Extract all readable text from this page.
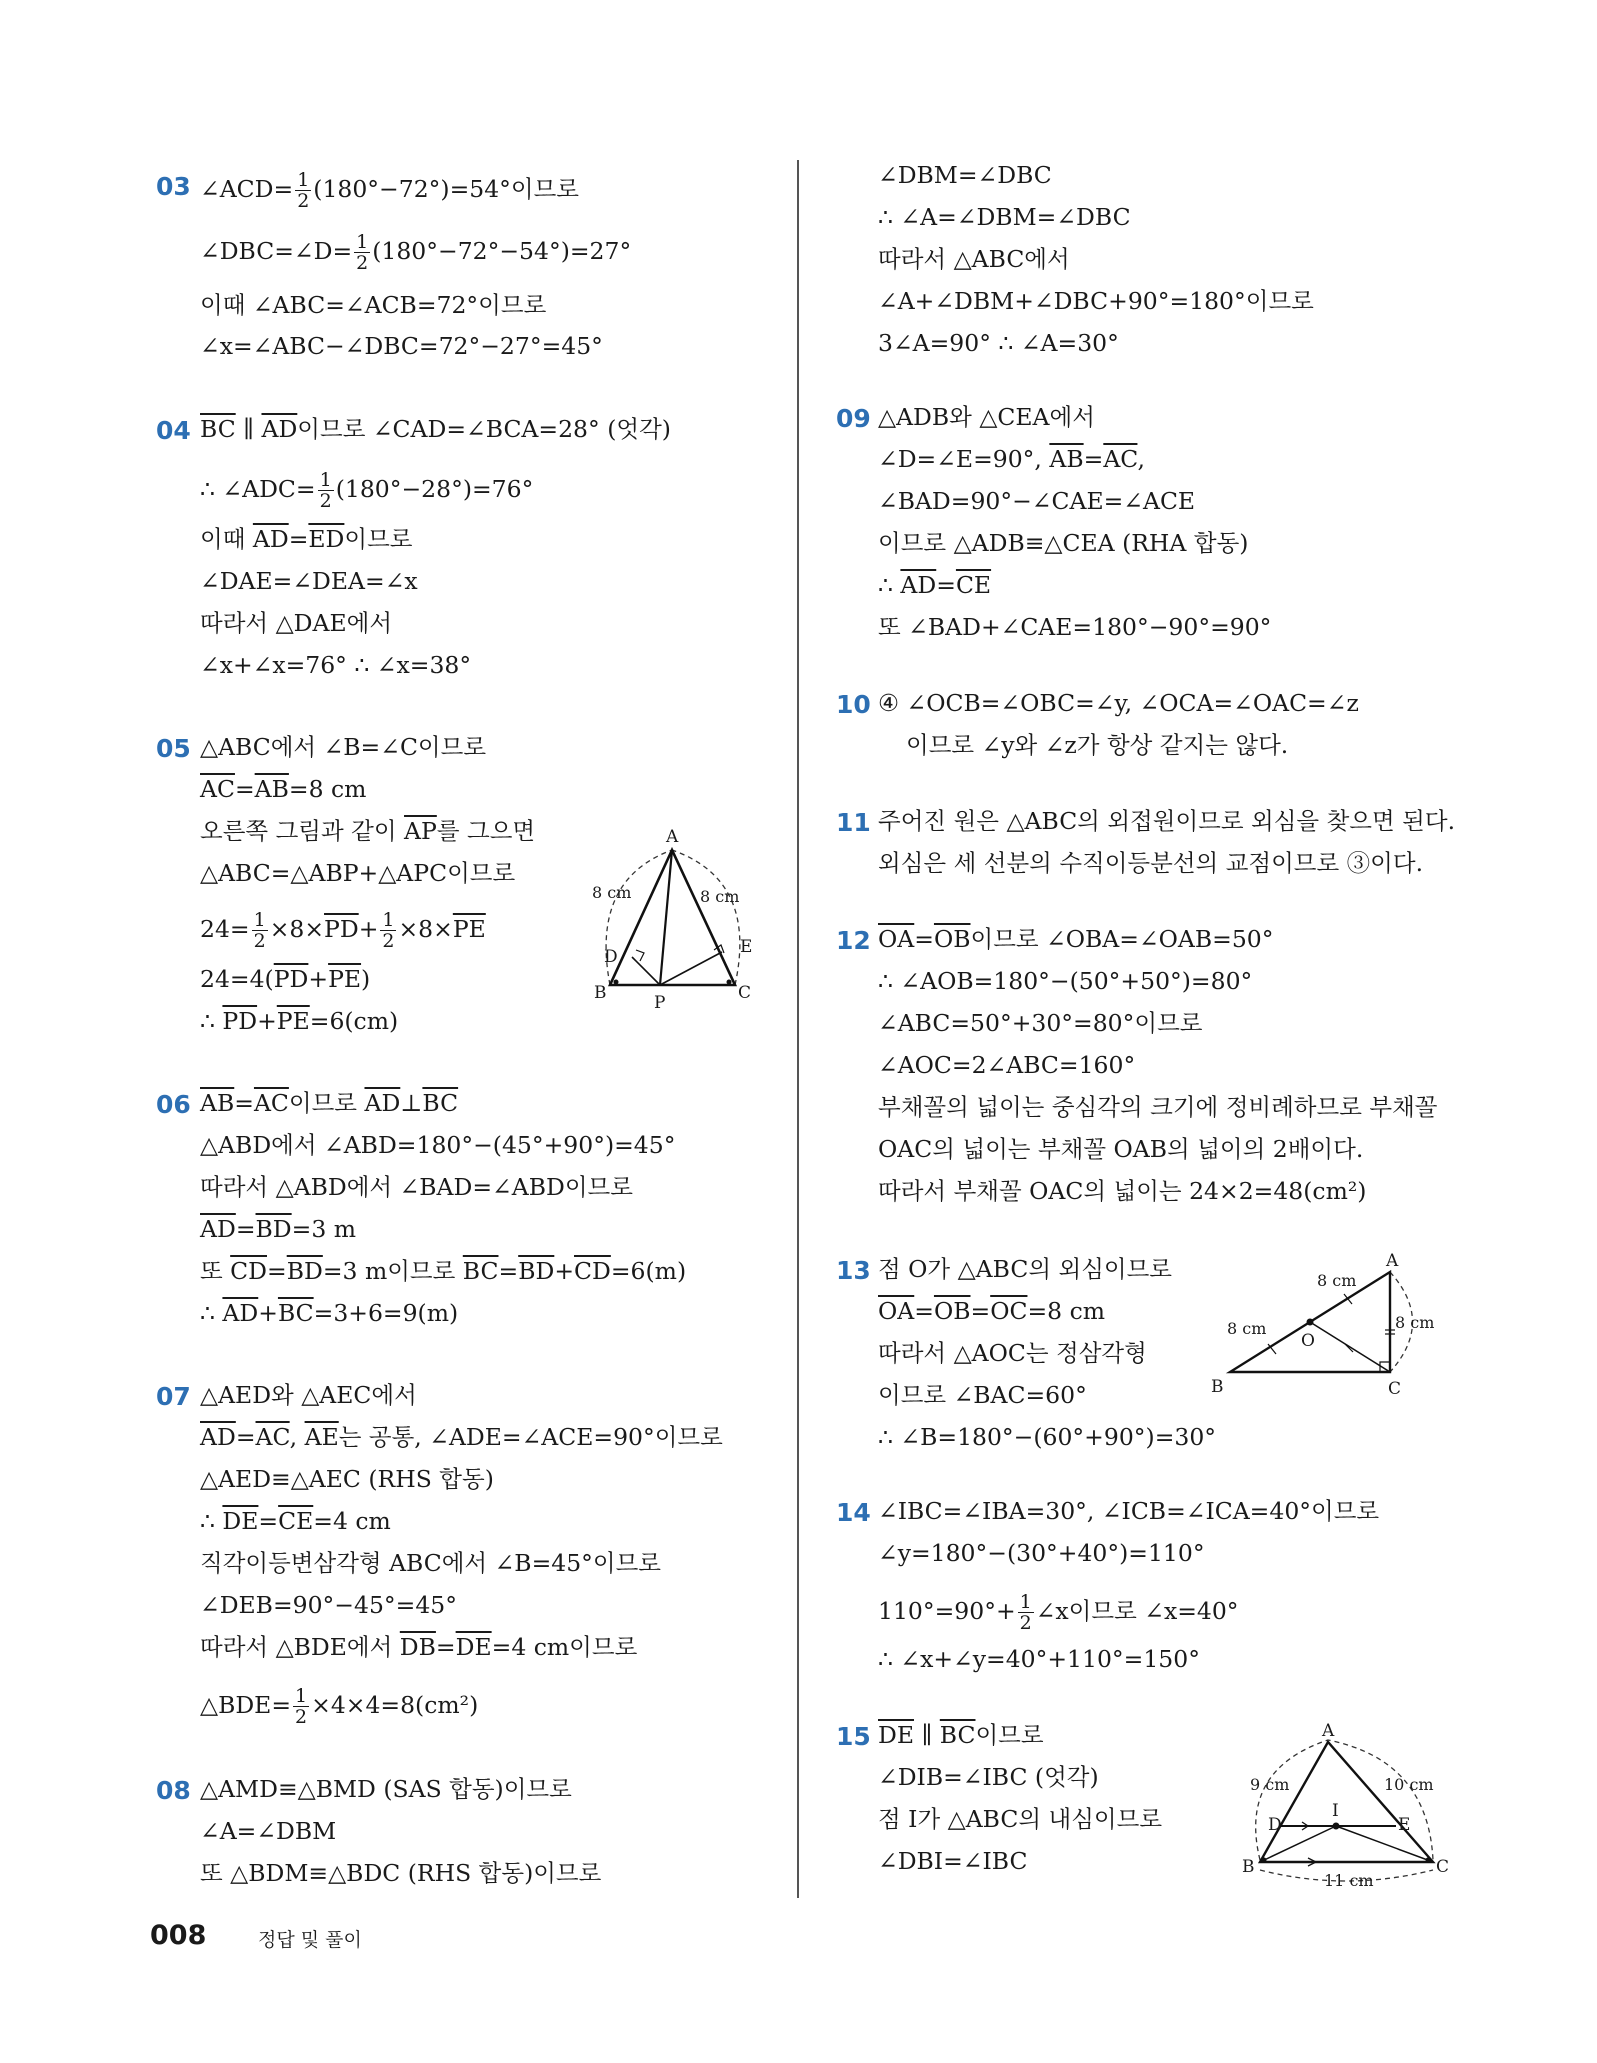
03 ∠ACD= $\frac{1}{2} (180^\circ-72^\circ)=54^\circ$이므로
∠DBC=∠D= $\frac{1}{2} (180^\circ-72^\circ-54^\circ)=27^\circ$
이때 ∠ABC=∠ACB=72°이므로
∠x=∠ABC−∠DBC=72°−27°=45°
04 $\overline{BC}$ ∥ $\overline{AD}$이므로 ∠CAD=∠BCA=28° (엇각)
∴ ∠ADC= $\frac{1}{2} (180^\circ-28^\circ)=76^\circ$
이때 $\overline{AD}=\overline{ED}$이므로
∠DAE=∠DEA=∠x
따라서 △DAE에서
∠x+∠x=76° ∴ ∠x=38°
05 △ABC에서 ∠B=∠C이므로
$\overline{AC}=\overline{AB}=8$ cm
오른쪽 그림과 같이 $\overline{AP}$를 그으면
△ABC=△ABP+△APC이므로
$24= \frac{1}{2} \times 8\times\overline{PD}+ \frac{1}{2} \times 8\times\overline{PE}$
$24=4(\overline{PD}+\overline{PE})$
∴ $\overline{PD}+\overline{PE}=6(cm)$
A
B	C
D	E
P
8 cm	8 cm
06 $\overline{AB}=\overline{AC}$이므로 $\overline{AD}\perp\overline{BC}$
△ABD에서 ∠ABD=180°−(45°+90°)=45°
따라서 △ABD에서 ∠BAD=∠ABD이므로
$\overline{AD}=\overline{BD}=3$ m
또 $\overline{CD}=\overline{BD}=3$ m이므로 $\overline{BC}=\overline{BD}+\overline{CD}=6(m)$
∴ $\overline{AD}+\overline{BC}=3+6=9(m)$
07 △AED와 △AEC에서
$\overline{AD}=\overline{AC}$, $\overline{AE}$는 공통, ∠ADE=∠ACE=90°이므로
△AED≡△AEC (RHS 합동)
∴ $\overline{DE}=\overline{CE}=4$ cm
직각이등변삼각형 ABC에서 ∠B=45°이므로
∠DEB=90°−45°=45°
따라서 △BDE에서 $\overline{DB}=\overline{DE}=4$ cm이므로
△BDE= $\frac{1}{2} \times 4\times 4=8(cm^2)$
08 △AMD≡△BMD (SAS 합동)이므로
∠A=∠DBM
또 △BDM≡△BDC (RHS 합동)이므로
∠DBM=∠DBC
∴ ∠A=∠DBM=∠DBC
따라서 △ABC에서
∠A+∠DBM+∠DBC+90°=180°이므로
3∠A=90° ∴ ∠A=30°
09 △ADB와 △CEA에서
∠D=∠E=90°, $\overline{AB}=\overline{AC}$,
∠BAD=90°−∠CAE=∠ACE
이므로 △ADB≡△CEA (RHA 합동)
∴ $\overline{AD}=\overline{CE}$
또 ∠BAD+∠CAE=180°−90°=90°
10 ④ ∠OCB=∠OBC=∠y, ∠OCA=∠OAC=∠z
이므로 ∠y와 ∠z가 항상 같지는 않다.
11 주어진 원은 △ABC의 외접원이므로 외심을 찾으면 된다.
외심은 세 선분의 수직이등분선의 교점이므로 ③이다.
12 $\overline{OA}=\overline{OB}$이므로 ∠OBA=∠OAB=50°
∴ ∠AOB=180°−(50°+50°)=80°
∠ABC=50°+30°=80°이므로
∠AOC=2∠ABC=160°
부채꼴의 넓이는 중심각의 크기에 정비례하므로 부채꼴
OAC의 넓이는 부채꼴 OAB의 넓이의 2배이다.
따라서 부채꼴 OAC의 넓이는 24×2=48(cm²)
13 점 O가 △ABC의 외심이므로
$\overline{OA}=\overline{OB}=\overline{OC}=8$ cm
따라서 △AOC는 정삼각형
이므로 ∠BAC=60°
∴ ∠B=180°−(60°+90°)=30°
A
B	C
O
8 cm
8 cm	8 cm
14 ∠IBC=∠IBA=30°, ∠ICB=∠ICA=40°이므로
∠y=180°−(30°+40°)=110°
$110^\circ=90^\circ+ \frac{1}{2}$ ∠x이므로 ∠x=40°
∴ ∠x+∠y=40°+110°=150°
15 $\overline{DE}$ ∥ $\overline{BC}$이므로
∠DIB=∠IBC (엇각)
점 I가 △ABC의 내심이므로
∠DBI=∠IBC
A
B	C
D	E
I
9 cm	10 cm
11 cm
008	정답 및 풀이
